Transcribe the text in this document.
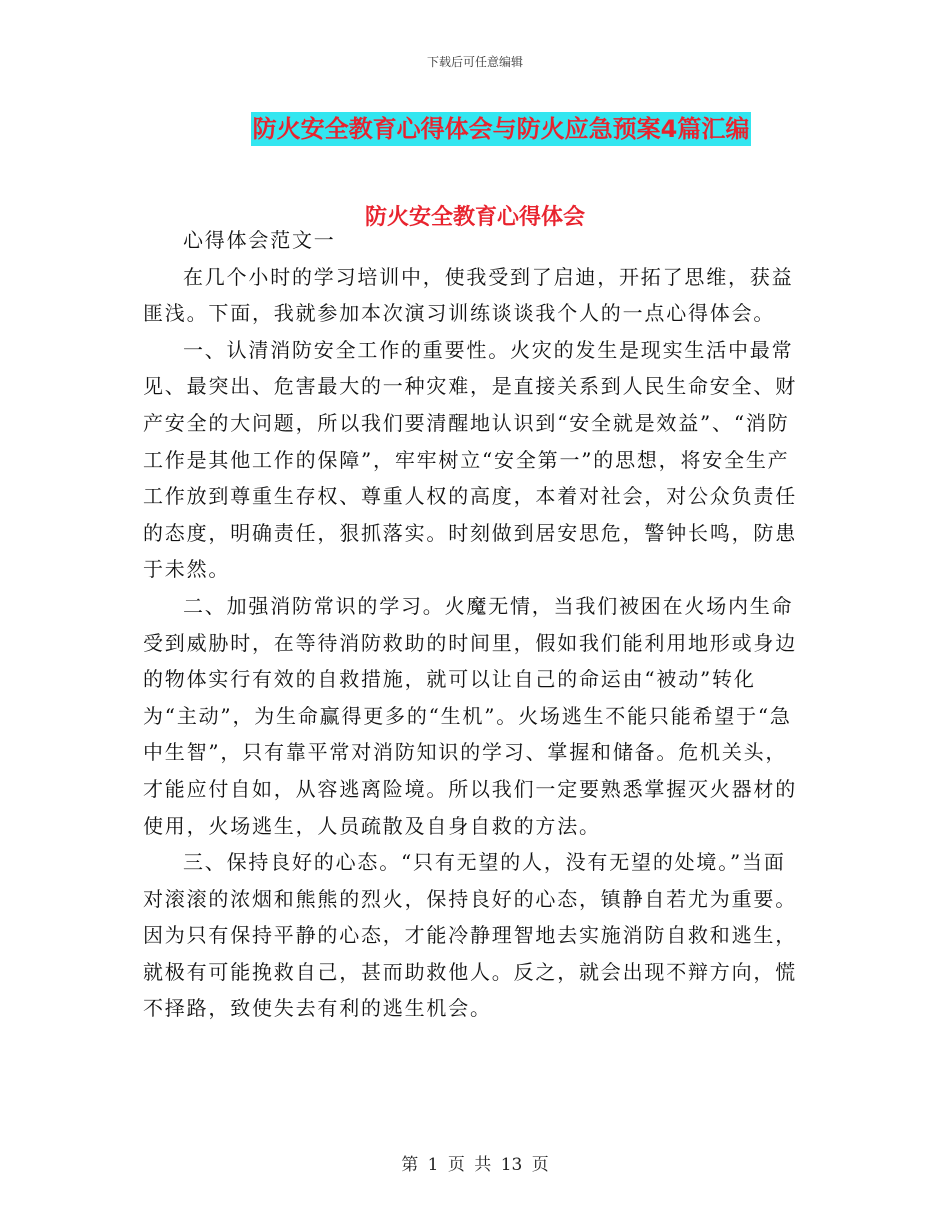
下载后可任意编辑
防火安全教育心得体会与防火应急预案4篇汇编
防火安全教育心得体会

心得体会范文一

在几个小时的学习培训中，使我受到了启迪，开拓了思维，获益匪浅。下面，我就参加本次演习训练谈谈我个人的一点心得体会。

一、认清消防安全工作的重要性。火灾的发生是现实生活中最常见、最突出、危害最大的一种灾难，是直接关系到人民生命安全、财产安全的大问题，所以我们要清醒地认识到“安全就是效益”、“消防工作是其他工作的保障”，牢牢树立“安全第一”的思想，将安全生产工作放到尊重生存权、尊重人权的高度，本着对社会，对公众负责任的态度，明确责任，狠抓落实。时刻做到居安思危，警钟长鸣，防患于未然。

二、加强消防常识的学习。火魔无情，当我们被困在火场内生命受到威胁时，在等待消防救助的时间里，假如我们能利用地形或身边的物体实行有效的自救措施，就可以让自己的命运由“被动”转化为“主动”，为生命赢得更多的“生机”。火场逃生不能只能希望于“急中生智”，只有靠平常对消防知识的学习、掌握和储备。危机关头，才能应付自如，从容逃离险境。所以我们一定要熟悉掌握灭火器材的使用，火场逃生，人员疏散及自身自救的方法。

三、保持良好的心态。“只有无望的人，没有无望的处境。”当面对滚滚的浓烟和熊熊的烈火，保持良好的心态，镇静自若尤为重要。因为只有保持平静的心态，才能冷静理智地去实施消防自救和逃生，就极有可能挽救自己，甚而助救他人。反之，就会出现不辩方向，慌不择路，致使失去有利的逃生机会。

第 1 页 共 13 页
